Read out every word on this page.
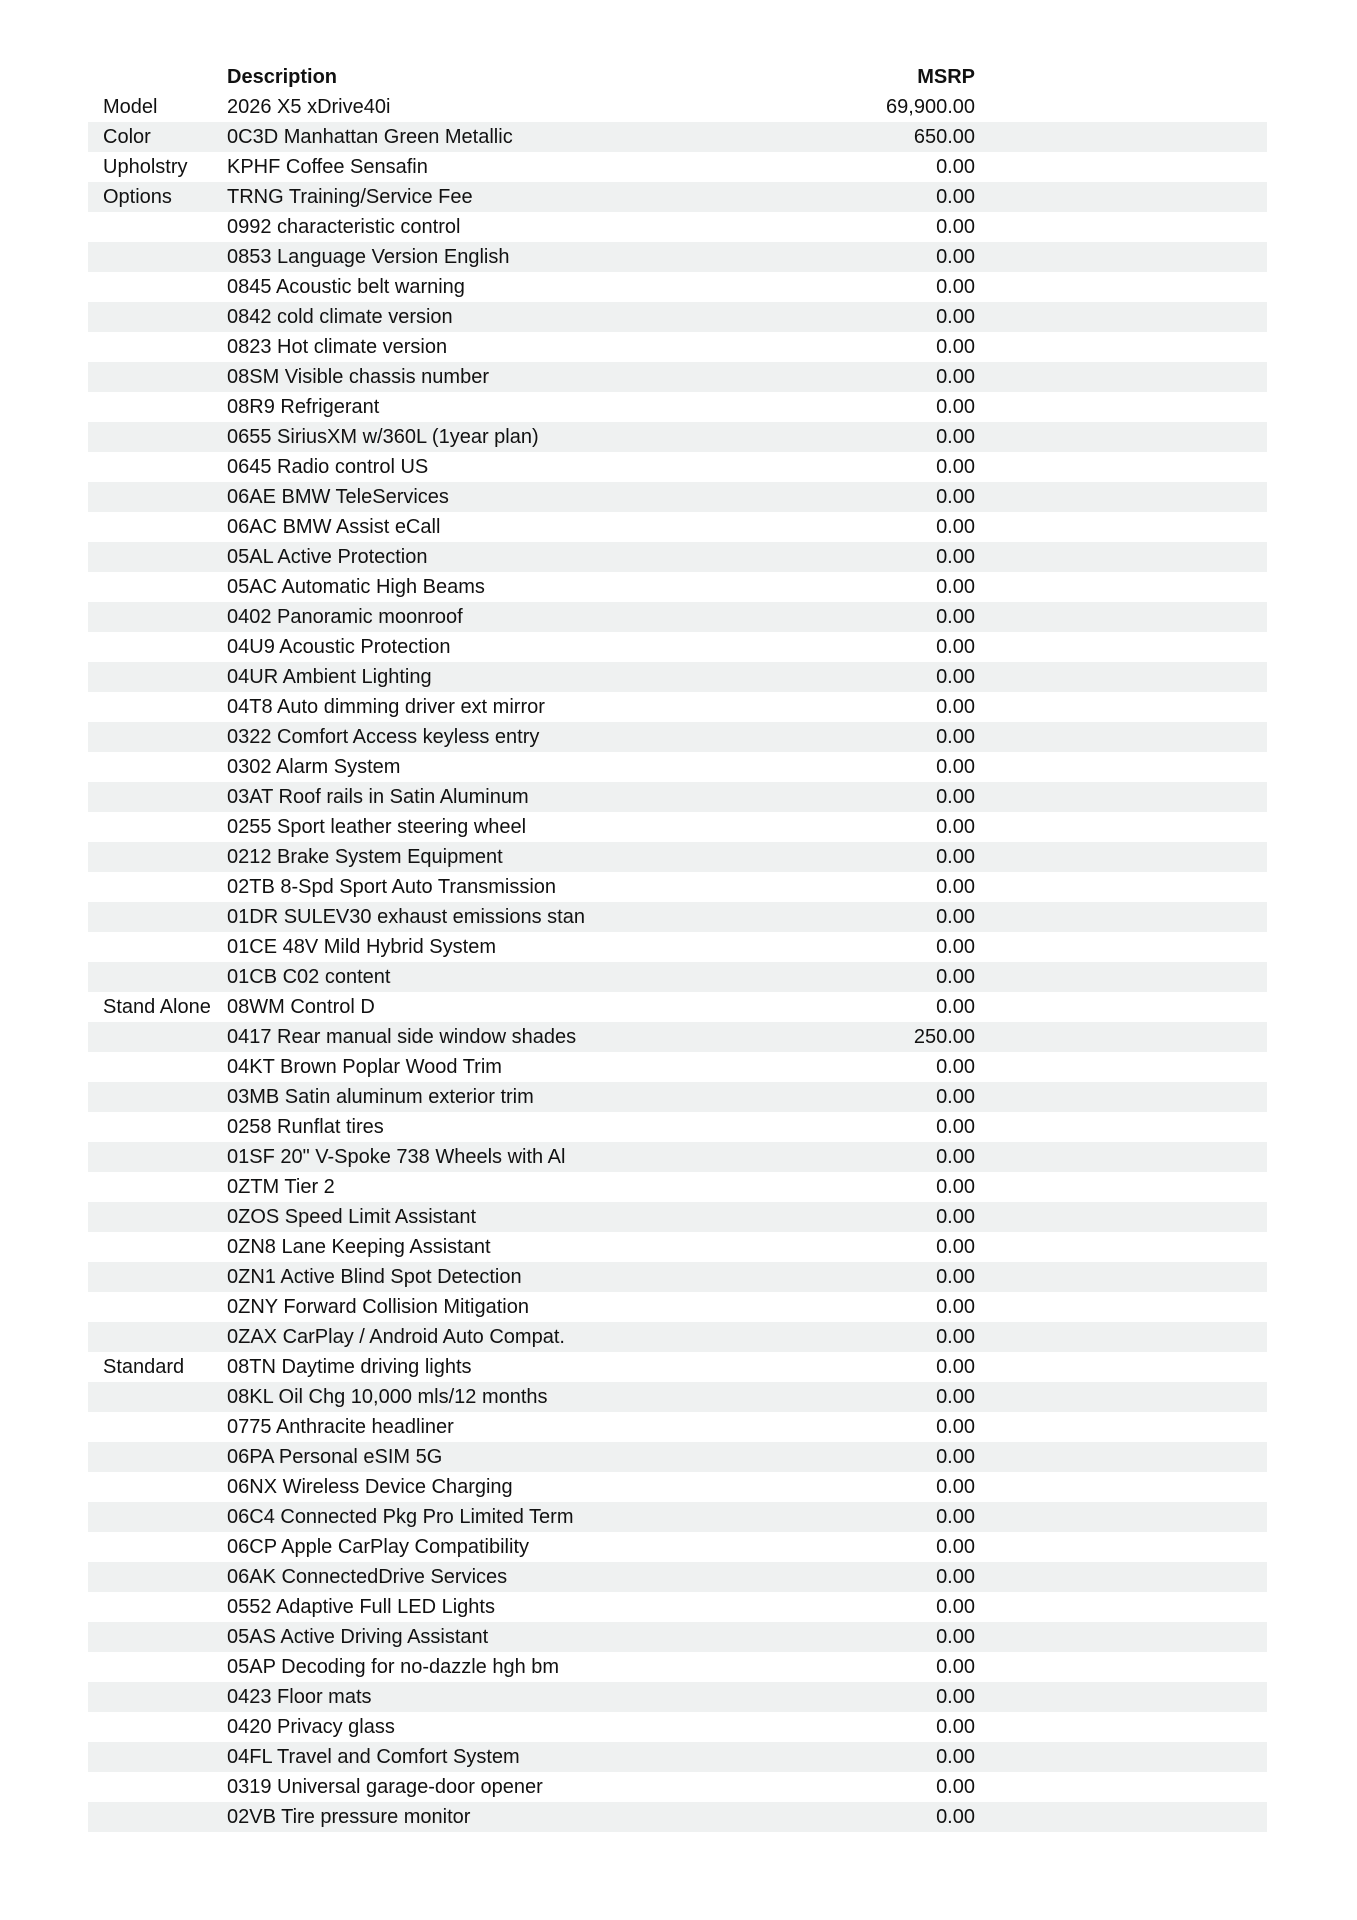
Description	MSRP
Model	2026 X5 xDrive40i	69,900.00
Color	0C3D Manhattan Green Metallic	650.00
Upholstry	KPHF Coffee Sensafin	0.00
Options	TRNG Training/Service Fee	0.00
0992 characteristic control	0.00
0853 Language Version English	0.00
0845 Acoustic belt warning	0.00
0842 cold climate version	0.00
0823 Hot climate version	0.00
08SM Visible chassis number	0.00
08R9 Refrigerant	0.00
0655 SiriusXM w/360L (1year plan)	0.00
0645 Radio control US	0.00
06AE BMW TeleServices	0.00
06AC BMW Assist eCall	0.00
05AL Active Protection	0.00
05AC Automatic High Beams	0.00
0402 Panoramic moonroof	0.00
04U9 Acoustic Protection	0.00
04UR Ambient Lighting	0.00
04T8 Auto dimming driver ext mirror	0.00
0322 Comfort Access keyless entry	0.00
0302 Alarm System	0.00
03AT Roof rails in Satin Aluminum	0.00
0255 Sport leather steering wheel	0.00
0212 Brake System Equipment	0.00
02TB 8-Spd Sport Auto Transmission	0.00
01DR SULEV30 exhaust emissions stan	0.00
01CE 48V Mild Hybrid System	0.00
01CB C02 content	0.00
Stand Alone 08WM Control D	0.00
0417 Rear manual side window shades	250.00
04KT Brown Poplar Wood Trim	0.00
03MB Satin aluminum exterior trim	0.00
0258 Runflat tires	0.00
01SF 20" V-Spoke 738 Wheels with Al	0.00
0ZTM Tier 2	0.00
0ZOS Speed Limit Assistant	0.00
0ZN8 Lane Keeping Assistant	0.00
0ZN1 Active Blind Spot Detection	0.00
0ZNY Forward Collision Mitigation	0.00
0ZAX CarPlay / Android Auto Compat.	0.00
Standard	08TN Daytime driving lights	0.00
08KL Oil Chg 10,000 mls/12 months	0.00
0775 Anthracite headliner	0.00
06PA Personal eSIM 5G	0.00
06NX Wireless Device Charging	0.00
06C4 Connected Pkg Pro Limited Term	0.00
06CP Apple CarPlay Compatibility	0.00
06AK ConnectedDrive Services	0.00
0552 Adaptive Full LED Lights	0.00
05AS Active Driving Assistant	0.00
05AP Decoding for no-dazzle hgh bm	0.00
0423 Floor mats	0.00
0420 Privacy glass	0.00
04FL Travel and Comfort System	0.00
0319 Universal garage-door opener	0.00
02VB Tire pressure monitor	0.00
